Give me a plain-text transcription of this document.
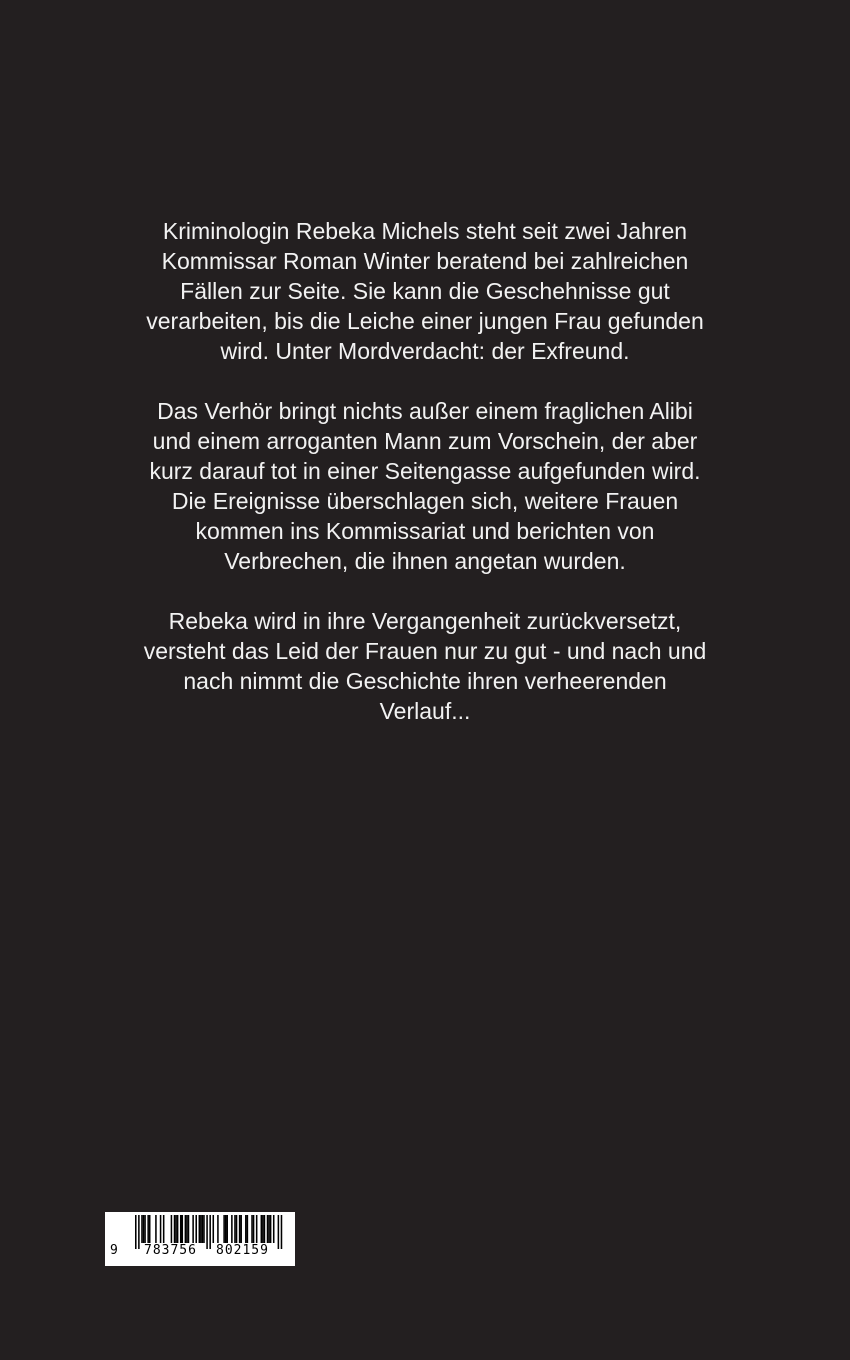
Kriminologin Rebeka Michels steht seit zwei Jahren
Kommissar Roman Winter beratend bei zahlreichen
Fällen zur Seite. Sie kann die Geschehnisse gut
verarbeiten, bis die Leiche einer jungen Frau gefunden
wird. Unter Mordverdacht: der Exfreund.

Das Verhör bringt nichts außer einem fraglichen Alibi
und einem arroganten Mann zum Vorschein, der aber
kurz darauf tot in einer Seitengasse aufgefunden wird.
Die Ereignisse überschlagen sich, weitere Frauen
kommen ins Kommissariat und berichten von
Verbrechen, die ihnen angetan wurden.

Rebeka wird in ihre Vergangenheit zurückversetzt,
versteht das Leid der Frauen nur zu gut - und nach und
nach nimmt die Geschichte ihren verheerenden
Verlauf...

9 783756 802159
